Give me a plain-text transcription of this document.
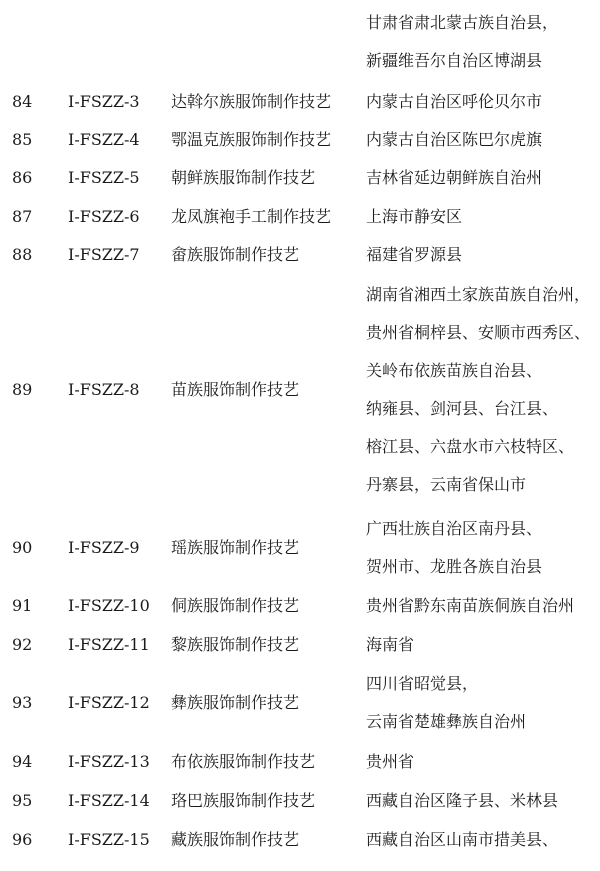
甘肃省肃北蒙古族自治县，
新疆维吾尔自治区博湖县
84 I-FSZZ-3 达斡尔族服饰制作技艺 内蒙古自治区呼伦贝尔市
85 I-FSZZ-4 鄂温克族服饰制作技艺 内蒙古自治区陈巴尔虎旗
86 I-FSZZ-5 朝鲜族服饰制作技艺	吉林省延边朝鲜族自治州
87 I-FSZZ-6 龙凤旗袍手工制作技艺 上海市静安区
88 I-FSZZ-7 畲族服饰制作技艺	福建省罗源县
89 I-FSZZ-8 苗族服饰制作技艺
湖南省湘西土家族苗族自治州，
贵州省桐梓县、安顺市西秀区、
关岭布依族苗族自治县、
纳雍县、剑河县、台江县、
榕江县、六盘水市六枝特区、
丹寨县，云南省保山市
90 I-FSZZ-9 瑶族服饰制作技艺
广西壮族自治区南丹县、
贺州市、龙胜各族自治县
91 I-FSZZ-10 侗族服饰制作技艺	贵州省黔东南苗族侗族自治州
92 I-FSZZ-11 黎族服饰制作技艺	海南省
93 I-FSZZ-12 彝族服饰制作技艺
四川省昭觉县，
云南省楚雄彝族自治州
94 I-FSZZ-13 布依族服饰制作技艺	贵州省
95 I-FSZZ-14 珞巴族服饰制作技艺	西藏自治区隆子县、米林县
96 I-FSZZ-15 藏族服饰制作技艺	西藏自治区山南市措美县、
